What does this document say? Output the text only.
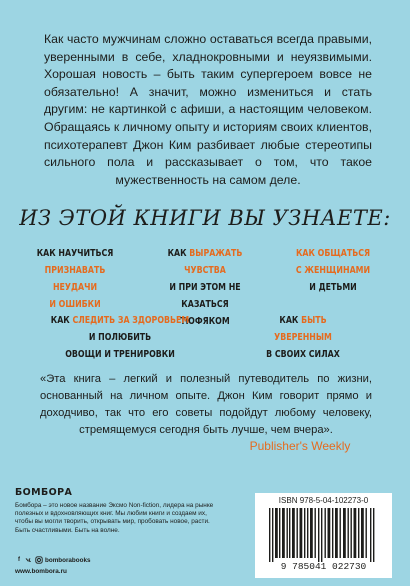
Как часто мужчинам сложно оставаться всегда правыми, уверенными в себе, хладнокровными и неуязвимыми. Хорошая новость – быть таким супергероем вовсе не обязательно! А значит, можно измениться и стать другим: не картинкой с афиши, а настоящим человеком. Обращаясь к личному опыту и историям своих клиентов, психотерапевт Джон Ким разбивает любые стереотипы сильного пола и рассказывает о том, что такое мужественность на самом деле.
ИЗ ЭТОЙ КНИГИ ВЫ УЗНАЕТЕ:
КАК НАУЧИТЬСЯ
ПРИЗНАВАТЬ НЕУДАЧИ
И ОШИБКИ
КАК ВЫРАЖАТЬ ЧУВСТВА
И ПРИ ЭТОМ НЕ КАЗАТЬСЯ
ТЮФЯКОМ
КАК ОБЩАТЬСЯ
С ЖЕНЩИНАМИ
И ДЕТЬМИ
КАК СЛЕДИТЬ ЗА ЗДОРОВЬЕМ И ПОЛЮБИТЬ
ОВОЩИ И ТРЕНИРОВКИ
КАК БЫТЬ УВЕРЕННЫМ
В СВОИХ СИЛАХ
«Эта книга – легкий и полезный путеводитель по жизни, основанный на личном опыте. Джон Ким говорит прямо и доходчиво, так что его советы подойдут любому человеку, стремящемуся сегодня быть лучше, чем вчера».
Publisher's Weekly
БОМБОРА
Бомбора – это новое название Эксмо Non-fiction, лидера на рынке полезных и вдохновляющих книг. Мы любим книги и создаем их, чтобы вы могли творить, открывать мир, пробовать новое, расти. Быть счастливыми. Быть на волне.
f	bomborabooks
www.bombora.ru
ISBN 978-5-04-102273-0
9 785041 022730
